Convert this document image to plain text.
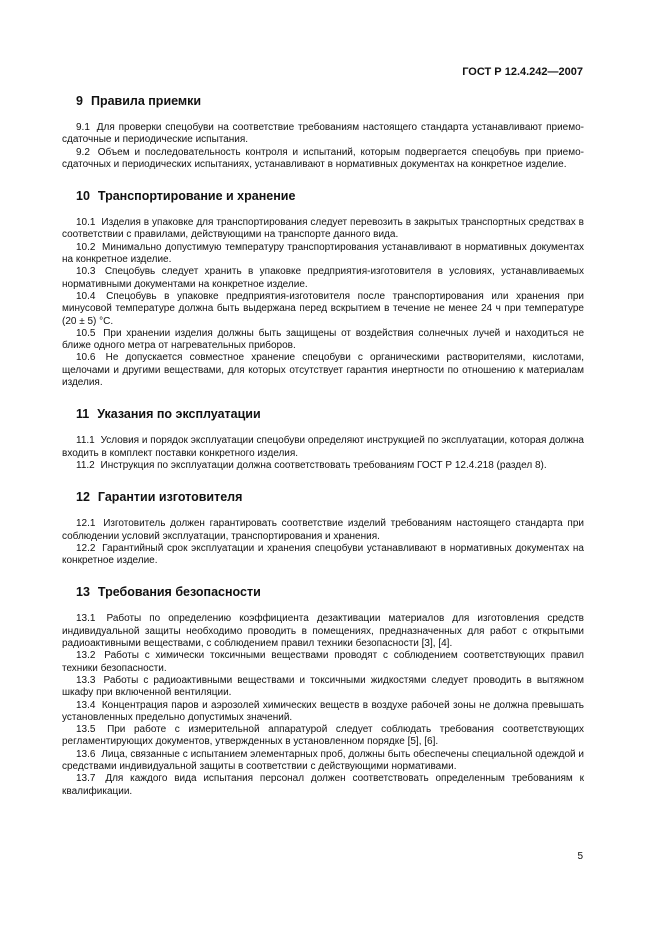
ГОСТ Р 12.4.242—2007
9 Правила приемки

9.1 Для проверки спецобуви на соответствие требованиям настоящего стандарта устанавливают приемо-сдаточные и периодические испытания.

9.2 Объем и последовательность контроля и испытаний, которым подвергается спецобувь при приемо-сдаточных и периодических испытаниях, устанавливают в нормативных документах на конкретное изделие.

10 Транспортирование и хранение

10.1 Изделия в упаковке для транспортирования следует перевозить в закрытых транспортных средствах в соответствии с правилами, действующими на транспорте данного вида.

10.2 Минимально допустимую температуру транспортирования устанавливают в нормативных документах на конкретное изделие.

10.3 Спецобувь следует хранить в упаковке предприятия-изготовителя в условиях, устанавливаемых нормативными документами на конкретное изделие.

10.4 Спецобувь в упаковке предприятия-изготовителя после транспортирования или хранения при минусовой температуре должна быть выдержана перед вскрытием в течение не менее 24 ч при температуре (20 ± 5) °С.

10.5 При хранении изделия должны быть защищены от воздействия солнечных лучей и находиться не ближе одного метра от нагревательных приборов.

10.6 Не допускается совместное хранение спецобуви с органическими растворителями, кислотами, щелочами и другими веществами, для которых отсутствует гарантия инертности по отношению к материалам изделия.

11 Указания по эксплуатации

11.1 Условия и порядок эксплуатации спецобуви определяют инструкцией по эксплуатации, которая должна входить в комплект поставки конкретного изделия.

11.2 Инструкция по эксплуатации должна соответствовать требованиям ГОСТ Р 12.4.218 (раздел 8).

12 Гарантии изготовителя

12.1 Изготовитель должен гарантировать соответствие изделий требованиям настоящего стандарта при соблюдении условий эксплуатации, транспортирования и хранения.

12.2 Гарантийный срок эксплуатации и хранения спецобуви устанавливают в нормативных документах на конкретное изделие.

13 Требования безопасности

13.1 Работы по определению коэффициента дезактивации материалов для изготовления средств индивидуальной защиты необходимо проводить в помещениях, предназначенных для работ с открытыми радиоактивными веществами, с соблюдением правил техники безопасности [3], [4].

13.2 Работы с химически токсичными веществами проводят с соблюдением соответствующих правил техники безопасности.

13.3 Работы с радиоактивными веществами и токсичными жидкостями следует проводить в вытяжном шкафу при включенной вентиляции.

13.4 Концентрация паров и аэрозолей химических веществ в воздухе рабочей зоны не должна превышать установленных предельно допустимых значений.

13.5 При работе с измерительной аппаратурой следует соблюдать требования соответствующих регламентирующих документов, утвержденных в установленном порядке [5], [6].

13.6 Лица, связанные с испытанием элементарных проб, должны быть обеспечены специальной одеждой и средствами индивидуальной защиты в соответствии с действующими нормативами.

13.7 Для каждого вида испытания персонал должен соответствовать определенным требованиям к квалификации.

5
